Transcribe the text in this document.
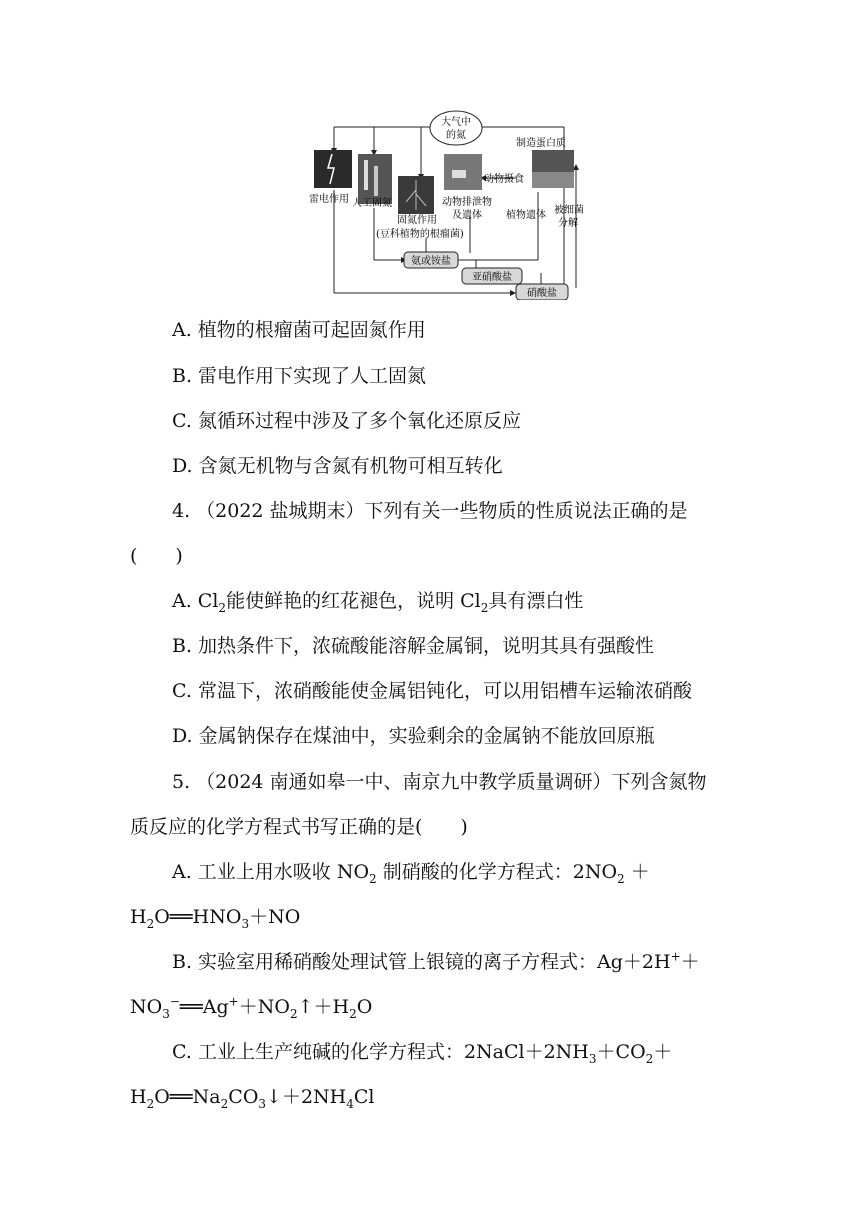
大气中
的氮
雷电作用 人工固氮
固氮作用
(豆科植物的根瘤菌)
动物排泄物
及遗体
动物摄食
制造蛋白质
植物遗体 被细菌
分解
氨或铵盐
亚硝酸盐
硝酸盐
A. 植物的根瘤菌可起固氮作用
B. 雷电作用下实现了人工固氮
C. 氮循环过程中涉及了多个氧化还原反应
D. 含氮无机物与含氮有机物可相互转化
4. （2022 盐城期末）下列有关一些物质的性质说法正确的是
(　　)
A. $Cl_2$能使鲜艳的红花褪色，说明 $Cl_2$具有漂白性
B. 加热条件下，浓硫酸能溶解金属铜，说明其具有强酸性
C. 常温下，浓硝酸能使金属铝钝化，可以用铝槽车运输浓硝酸
D. 金属钠保存在煤油中，实验剩余的金属钠不能放回原瓶
5. （2024 南通如皋一中、南京九中教学质量调研）下列含氮物
质反应的化学方程式书写正确的是(　　)
A. 工业上用水吸收 $NO_2$ 制硝酸的化学方程式：$2NO_2$ ＋
$H_2O══HNO_3+NO$
B. 实验室用稀硝酸处理试管上银镜的离子方程式：Ag＋2H+＋
$NO_3^-══Ag^++NO_2↑+H_2O$
C. 工业上生产纯碱的化学方程式：$2NaCl+2NH_3+CO_2+$
$H_2O══Na_2CO_3↓+2NH_4Cl$
